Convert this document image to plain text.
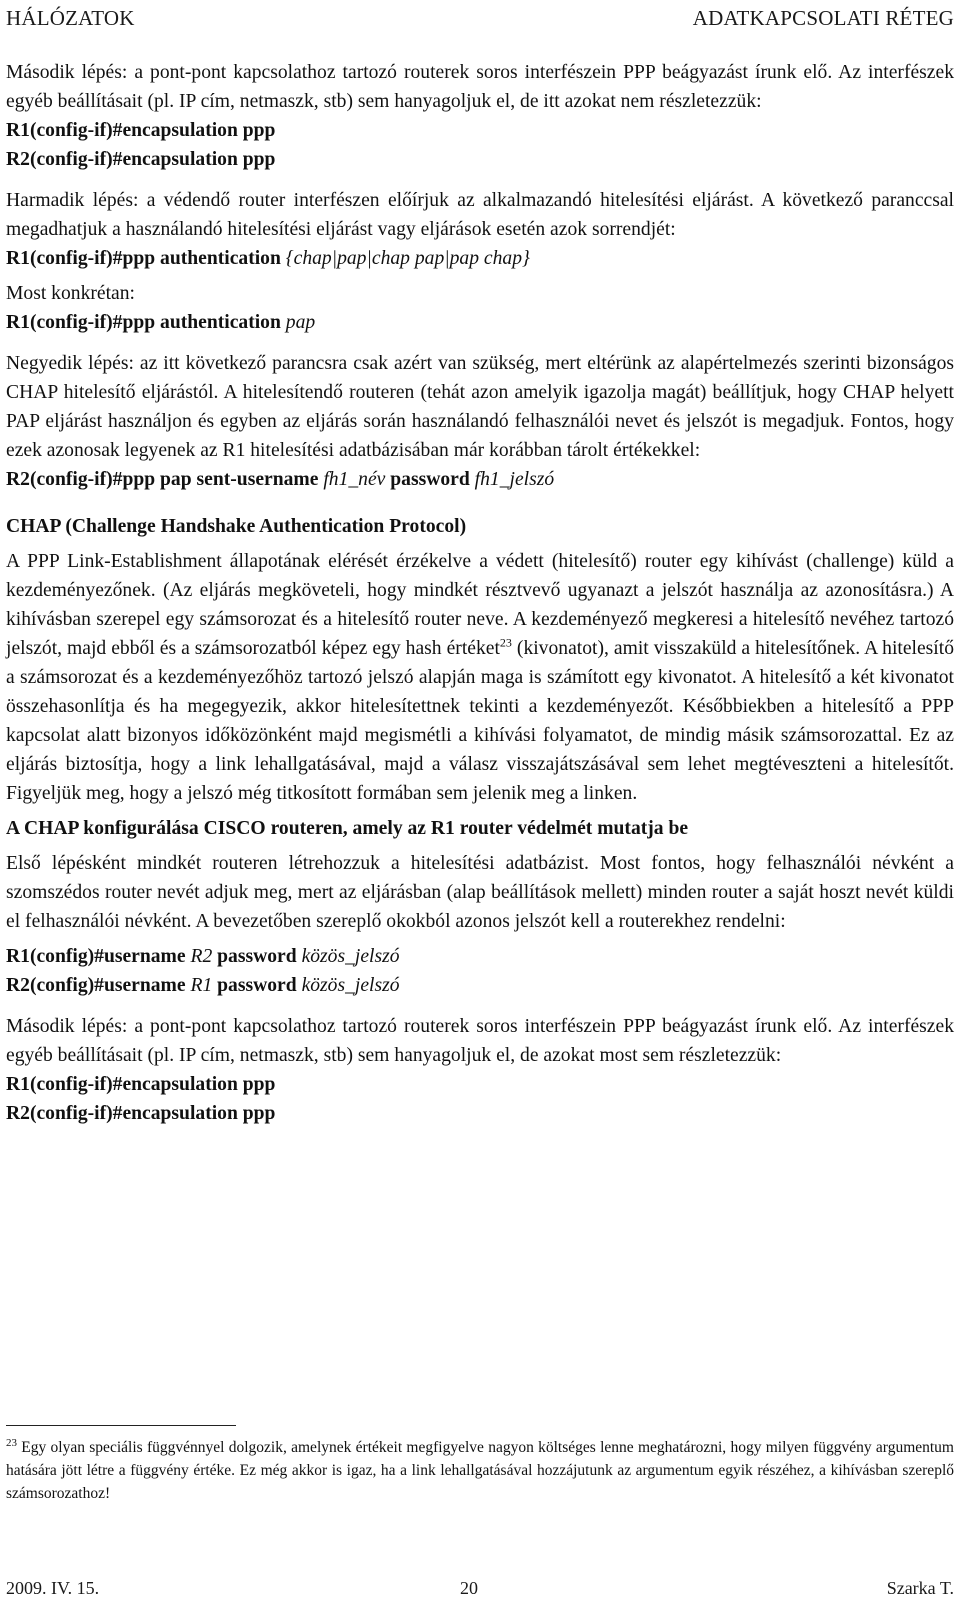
HÁLÓZATOK	ADATKAPCSOLATI RÉTEG

Második lépés: a pont-pont kapcsolathoz tartozó routerek soros interfészein PPP beágyazást írunk elő. Az interfészek egyéb beállításait (pl. IP cím, netmaszk, stb) sem hanyagoljuk el, de itt azokat nem részletezzük:

R1(config-if)#encapsulation ppp

R2(config-if)#encapsulation ppp

Harmadik lépés: a védendő router interfészen előírjuk az alkalmazandó hitelesítési eljárást. A következő paranccsal megadhatjuk a használandó hitelesítési eljárást vagy eljárások esetén azok sorrendjét:

R1(config-if)#ppp authentication {chap|pap|chap pap|pap chap}

Most konkrétan:

R1(config-if)#ppp authentication pap

Negyedik lépés: az itt következő parancsra csak azért van szükség, mert eltérünk az alapértelmezés szerinti bizonságos CHAP hitelesítő eljárástól. A hitelesítendő routeren (tehát azon amelyik igazolja magát) beállítjuk, hogy CHAP helyett PAP eljárást használjon és egyben az eljárás során használandó felhasználói nevet és jelszót is megadjuk. Fontos, hogy ezek azonosak legyenek az R1 hitelesítési adatbázisában már korábban tárolt értékekkel:

R2(config-if)#ppp pap sent-username fh1_név password fh1_jelszó

CHAP (Challenge Handshake Authentication Protocol)

A PPP Link-Establishment állapotának elérését érzékelve a védett (hitelesítő) router egy kihívást (challenge) küld a kezdeményezőnek. (Az eljárás megköveteli, hogy mindkét résztvevő ugyanazt a jelszót használja az azonosításra.) A kihívásban szerepel egy számsorozat és a hitelesítő router neve. A kezdeményező megkeresi a hitelesítő nevéhez tartozó jelszót, majd ebből és a számsorozatból képez egy hash értéket$^{23}$ (kivonatot), amit visszaküld a hitelesítőnek. A hitelesítő a számsorozat és a kezdeményezőhöz tartozó jelszó alapján maga is számított egy kivonatot. A hitelesítő a két kivonatot összehasonlítja és ha megegyezik, akkor hitelesítettnek tekinti a kezdeményezőt. Későbbiekben a hitelesítő a PPP kapcsolat alatt bizonyos időközönként majd megismétli a kihívási folyamatot, de mindig másik számsorozattal. Ez az eljárás biztosítja, hogy a link lehallgatásával, majd a válasz visszajátszásával sem lehet megtéveszteni a hitelesítőt. Figyeljük meg, hogy a jelszó még titkosított formában sem jelenik meg a linken.

A CHAP konfigurálása CISCO routeren, amely az R1 router védelmét mutatja be

Első lépésként mindkét routeren létrehozzuk a hitelesítési adatbázist. Most fontos, hogy felhasználói névként a szomszédos router nevét adjuk meg, mert az eljárásban (alap beállítások mellett) minden router a saját hoszt nevét küldi el felhasználói névként. A bevezetőben szereplő okokból azonos jelszót kell a routerekhez rendelni:

R1(config)#username R2 password közös_jelszó

R2(config)#username R1 password közös_jelszó

Második lépés: a pont-pont kapcsolathoz tartozó routerek soros interfészein PPP beágyazást írunk elő. Az interfészek egyéb beállításait (pl. IP cím, netmaszk, stb) sem hanyagoljuk el, de azokat most sem részletezzük:

R1(config-if)#encapsulation ppp

R2(config-if)#encapsulation ppp

$^{23}$ Egy olyan speciális függvénnyel dolgozik, amelynek értékeit megfigyelve nagyon költséges lenne meghatározni, hogy milyen függvény argumentum hatására jött létre a függvény értéke. Ez még akkor is igaz, ha a link lehallgatásával hozzájutunk az argumentum egyik részéhez, a kihívásban szereplő számsorozathoz!

2009. IV. 15.	20	Szarka T.
